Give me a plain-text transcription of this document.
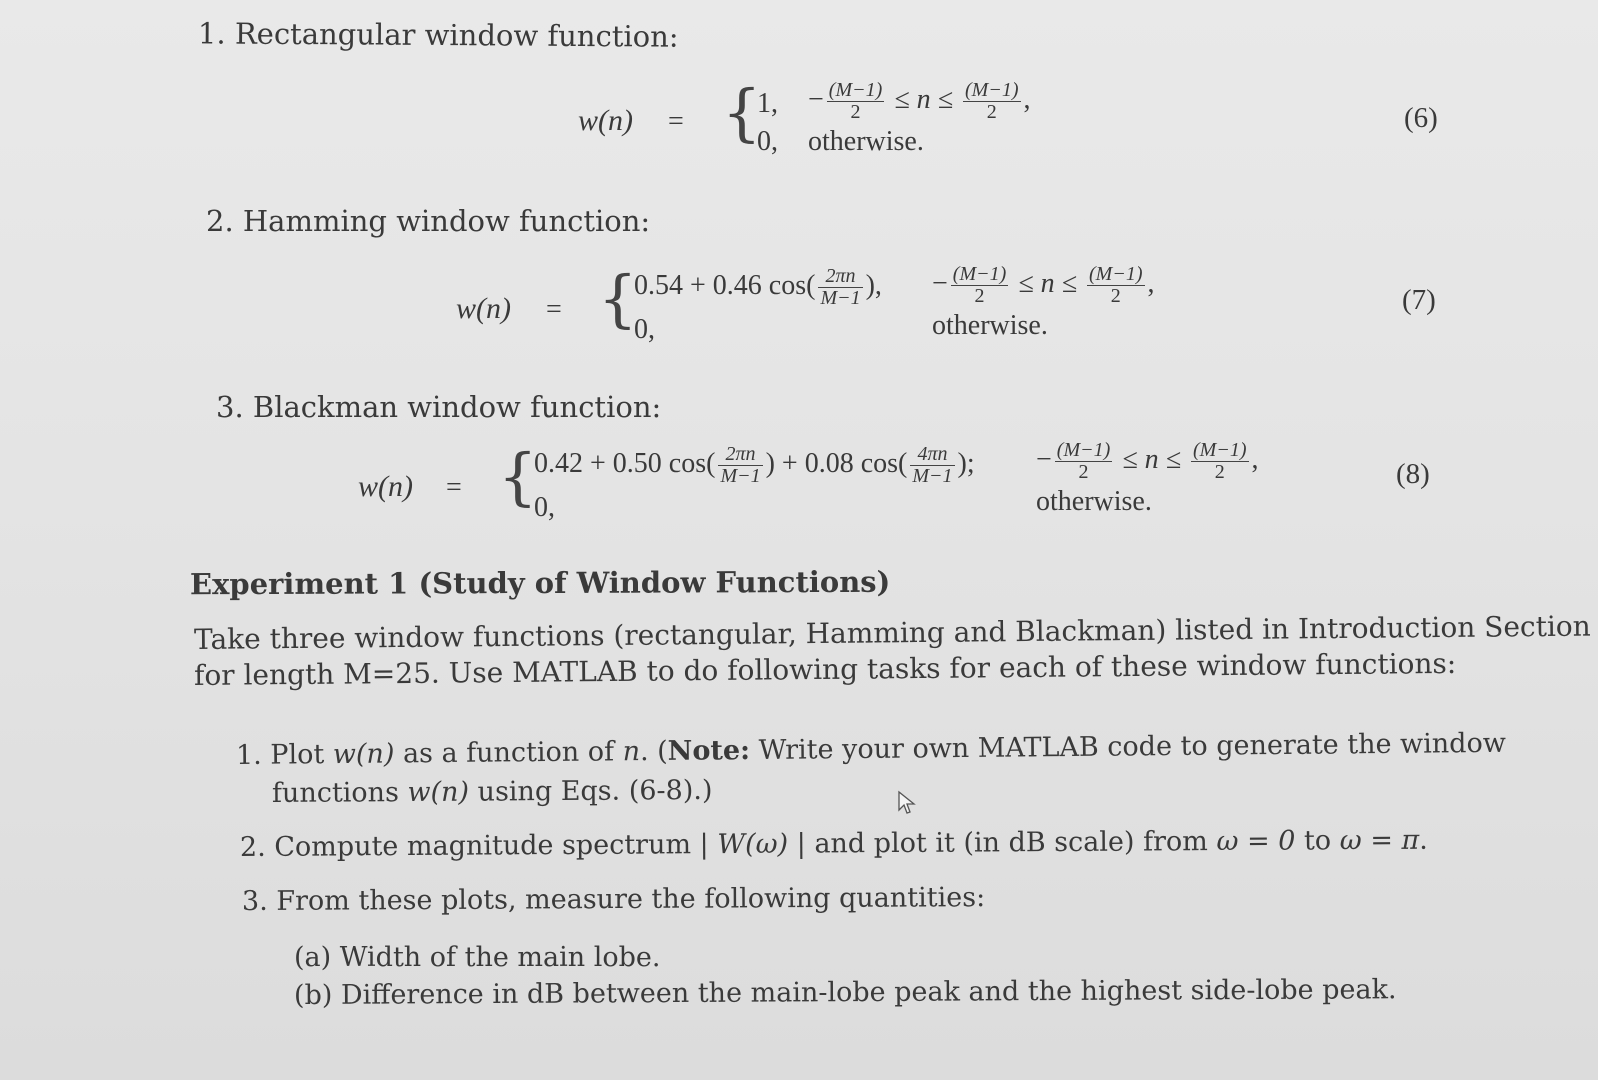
1. Rectangular window function:
w(n) = {
1, − $\frac{(M-1)}{2} \le n \le \frac{(M-1)}{2}$ ,
0, otherwise.
(6)
2. Hamming window function:
w(n) = {
0.54 + 0.46 $\cos( \frac{2\pi n}{M-1}$ ), − $\frac{(M-1)}{2} \le n \le \frac{(M-1)}{2}$ ,
0,	otherwise.
(7)
3. Blackman window function:
w(n) = {
0.42 + 0.50 $\cos( \frac{2\pi n}{M-1}$ ) + 0.08 $\cos( \frac{4\pi n}{M-1}$ ); − $\frac{(M-1)}{2} \le n \le \frac{(M-1)}{2}$ ,
0,	otherwise.
(8)
Experiment 1 (Study of Window Functions)
Take three window functions (rectangular, Hamming and Blackman) listed in Introduction Section
for length M=25. Use MATLAB to do following tasks for each of these window functions:
1. Plot w(n) as a function of n. (Note: Write your own MATLAB code to generate the window
functions w(n) using Eqs. (6-8).)
2. Compute magnitude spectrum | W(ω) | and plot it (in dB scale) from ω = 0 to ω = π.
3. From these plots, measure the following quantities:
(a) Width of the main lobe.
(b) Difference in dB between the main-lobe peak and the highest side-lobe peak.
